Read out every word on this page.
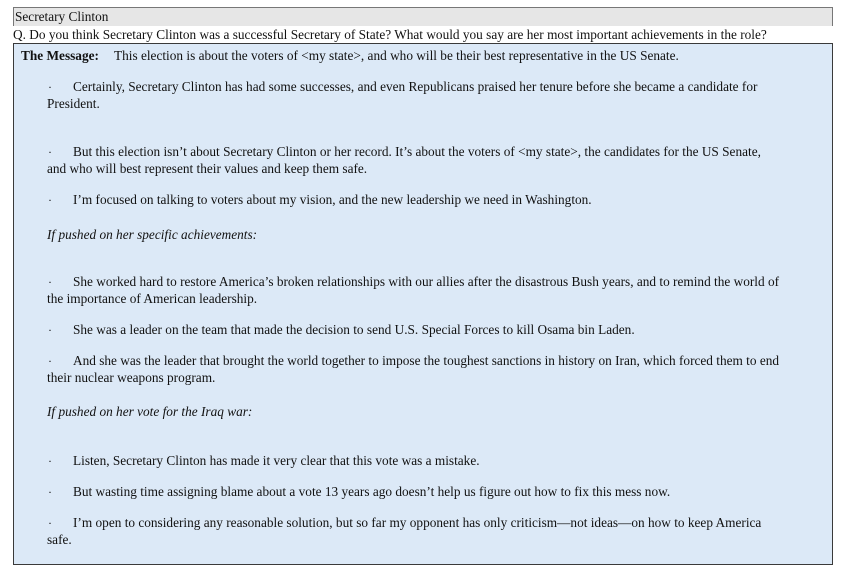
Secretary Clinton
Q. Do you think Secretary Clinton was a successful Secretary of State? What would you say are her most important achievements in the role?
The Message: This election is about the voters of <my state>, and who will be their best representative in the US Senate.
· Certainly, Secretary Clinton has had some successes, and even Republicans praised her tenure before she became a candidate for
President.
· But this election isn’t about Secretary Clinton or her record. It’s about the voters of <my state>, the candidates for the US Senate,
and who will best represent their values and keep them safe.
· I’m focused on talking to voters about my vision, and the new leadership we need in Washington.
If pushed on her specific achievements:
· She worked hard to restore America’s broken relationships with our allies after the disastrous Bush years, and to remind the world of
the importance of American leadership.
· She was a leader on the team that made the decision to send U.S. Special Forces to kill Osama bin Laden.
· And she was the leader that brought the world together to impose the toughest sanctions in history on Iran, which forced them to end
their nuclear weapons program.
If pushed on her vote for the Iraq war:
· Listen, Secretary Clinton has made it very clear that this vote was a mistake.
· But wasting time assigning blame about a vote 13 years ago doesn’t help us figure out how to fix this mess now.
· I’m open to considering any reasonable solution, but so far my opponent has only criticism—not ideas—on how to keep America
safe.
